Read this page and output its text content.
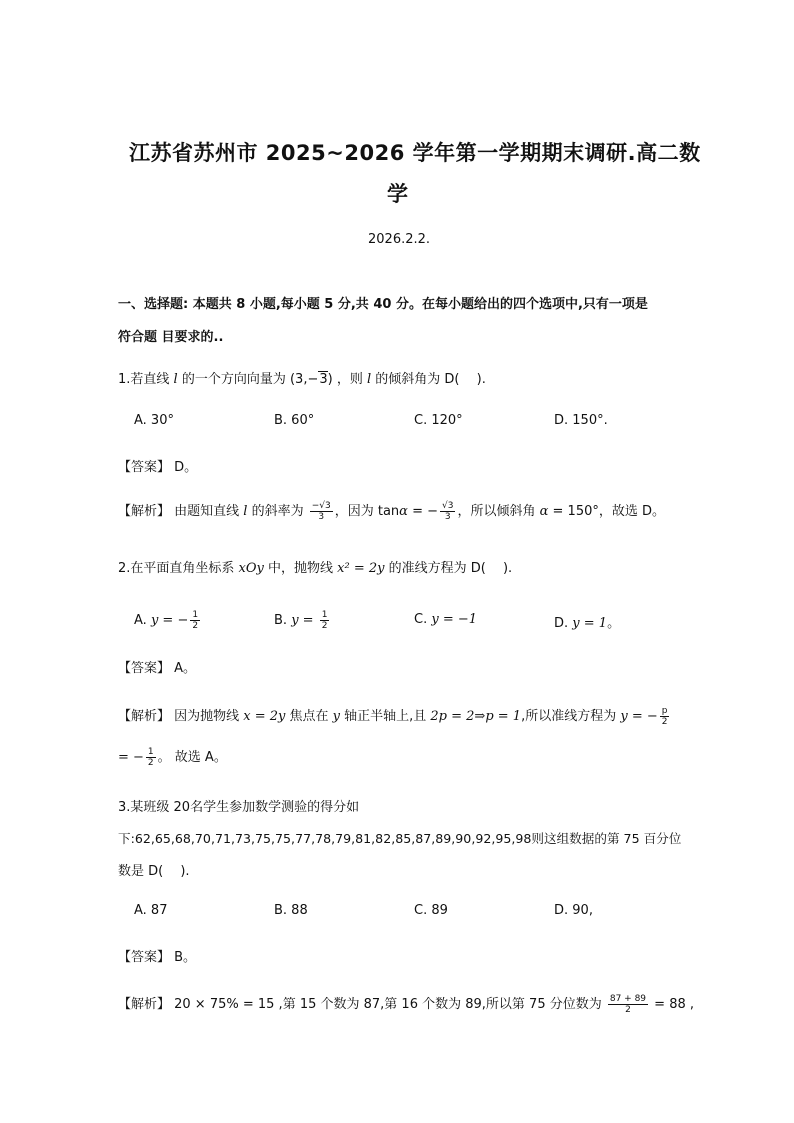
江苏省苏州市 2025~2026 学年第一学期期末调研.高二数
学
2026.2.2.
一、选择题: 本题共 8 小题,每小题 5 分,共 40 分。在每小题给出的四个选项中,只有一项是
符合题 目要求的..
1.若直线 l 的一个方向向量为 (3,−3) ，则 l 的倾斜角为 D(　 ).
A. 30°	B. 60°	C. 120°	D. 150°.
【答案】 D。
【解析】 由题知直线 l 的斜率为 $\frac{-√3}{3}$ ，因为 tanα = − $\frac{√3}{3}$ ，所以倾斜角 α = 150°，故选 D。
2.在平面直角坐标系 xOy 中，抛物线 x² = 2y 的准线方程为 D(　 ).
A. y = − $\frac{1}{2}$	B. $y = \frac{1}{2}$	C. y = −1	D. y = 1。
【答案】 A。
【解析】 因为抛物线 x = 2y 焦点在 y 轴正半轴上,且 2p = 2⇒p = 1,所以准线方程为 y = − $\frac{p}{2}$
= − $\frac{1}{2}$ 。 故选 A。
3.某班级 20名学生参加数学测验的得分如
下:62,65,68,70,71,73,75,75,77,78,79,81,82,85,87,89,90,92,95,98则这组数据的第 75 百分位
数是 D(　 ).
A. 87	B. 88	C. 89	D. 90,
【答案】 B。
【解析】 20 × 75% = 15 ,第 15 个数为 87,第 16 个数为 89,所以第 75 分位数为 $\frac{87 + 89}{2} = 88$ ,
